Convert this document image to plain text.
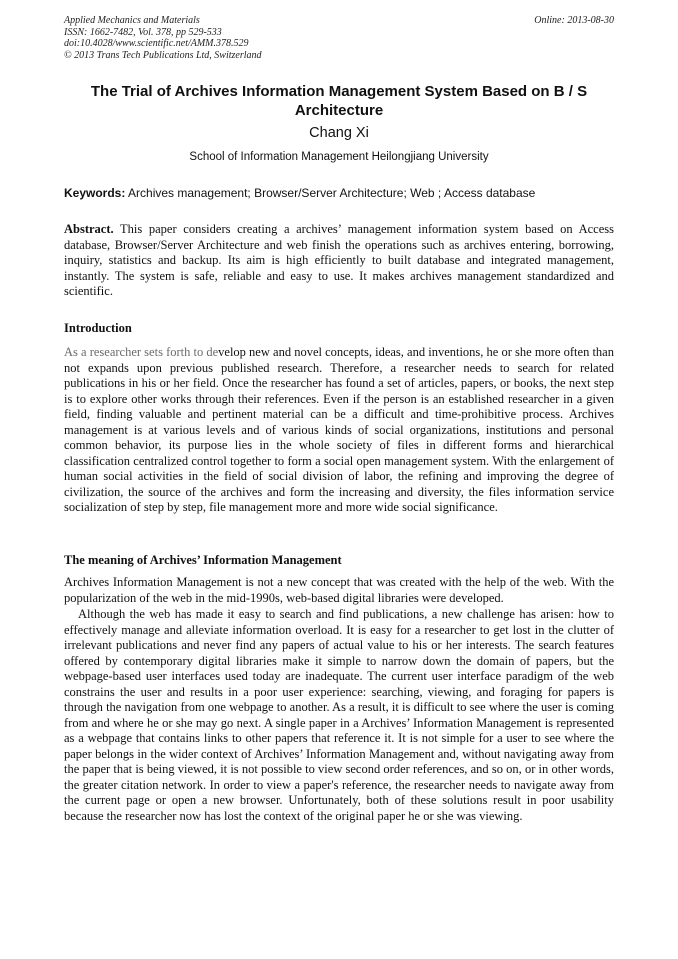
Applied Mechanics and Materials
ISSN: 1662-7482, Vol. 378, pp 529-533
doi:10.4028/www.scientific.net/AMM.378.529
© 2013 Trans Tech Publications Ltd, Switzerland
Online: 2013-08-30
The Trial of Archives Information Management System Based on B / S Architecture
Chang Xi
School of Information Management Heilongjiang University
Keywords: Archives management; Browser/Server Architecture; Web ; Access database
Abstract. This paper considers creating a archives’ management information system based on Access database, Browser/Server Architecture and web finish the operations such as archives entering, borrowing, inquiry, statistics and backup. Its aim is high efficiently to built database and integrated management, instantly. The system is safe, reliable and easy to use. It makes archives management standardized and scientific.
Introduction
As a researcher sets forth to develop new and novel concepts, ideas, and inventions, he or she more often than not expands upon previous published research. Therefore, a researcher needs to search for related publications in his or her field. Once the researcher has found a set of articles, papers, or books, the next step is to explore other works through their references. Even if the person is an established researcher in a given field, finding valuable and pertinent material can be a difficult and time-prohibitive process. Archives management is at various levels and of various kinds of social organizations, institutions and personal common behavior, its purpose lies in the whole society of files in different forms and hierarchical classification centralized control together to form a social open management system. With the enlargement of human social activities in the field of social division of labor, the refining and improving the degree of civilization, the source of the archives and form the increasing and diversity, the files information service socialization of step by step, file management more and more wide social significance.
The meaning of Archives’ Information Management
Archives Information Management is not a new concept that was created with the help of the web. With the popularization of the web in the mid-1990s, web-based digital libraries were developed.
Although the web has made it easy to search and find publications, a new challenge has arisen: how to effectively manage and alleviate information overload. It is easy for a researcher to get lost in the clutter of irrelevant publications and never find any papers of actual value to his or her interests. The search features offered by contemporary digital libraries make it simple to narrow down the domain of papers, but the webpage-based user interfaces used today are inadequate. The current user interface paradigm of the web constrains the user and results in a poor user experience: searching, viewing, and foraging for papers is through the navigation from one webpage to another. As a result, it is difficult to see where the user is coming from and where he or she may go next. A single paper in a Archives’ Information Management is represented as a webpage that contains links to other papers that reference it. It is not simple for a user to see where the paper belongs in the wider context of Archives’ Information Management and, without navigating away from the paper that is being viewed, it is not possible to view second order references, and so on, or in other words, the greater citation network. In order to view a paper's reference, the researcher needs to navigate away from the current page or open a new browser. Unfortunately, both of these solutions result in poor usability because the researcher now has lost the context of the original paper he or she was viewing.
